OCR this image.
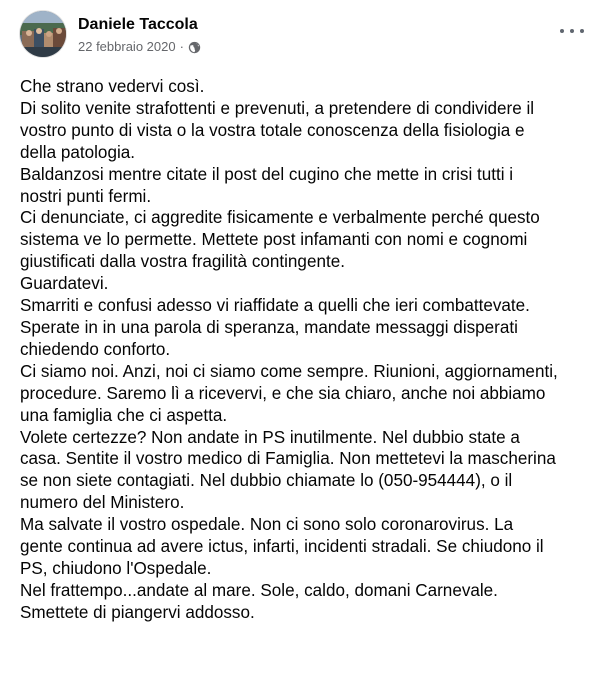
Daniele Taccola
22 febbraio 2020 ·
Che strano vedervi così.
Di solito venite strafottenti e prevenuti, a pretendere di condividere il
vostro punto di vista o la vostra totale conoscenza della fisiologia e
della patologia.
Baldanzosi mentre citate il post del cugino che mette in crisi tutti i
nostri punti fermi.
Ci denunciate, ci aggredite fisicamente e verbalmente perché questo
sistema ve lo permette. Mettete post infamanti con nomi e cognomi
giustificati dalla vostra fragilità contingente.
Guardatevi.
Smarriti e confusi adesso vi riaffidate a quelli che ieri combattevate.
Sperate in in una parola di speranza, mandate messaggi disperati
chiedendo conforto.
Ci siamo noi. Anzi, noi ci siamo come sempre. Riunioni, aggiornamenti,
procedure. Saremo lì a ricevervi, e che sia chiaro, anche noi abbiamo
una famiglia che ci aspetta.
Volete certezze? Non andate in PS inutilmente. Nel dubbio state a
casa. Sentite il vostro medico di Famiglia. Non mettetevi la mascherina
se non siete contagiati. Nel dubbio chiamate lo (050-954444), o il
numero del Ministero.
Ma salvate il vostro ospedale. Non ci sono solo coronarovirus. La
gente continua ad avere ictus, infarti, incidenti stradali. Se chiudono il
PS, chiudono l'Ospedale.
Nel frattempo...andate al mare. Sole, caldo, domani Carnevale.
Smettete di piangervi addosso.
